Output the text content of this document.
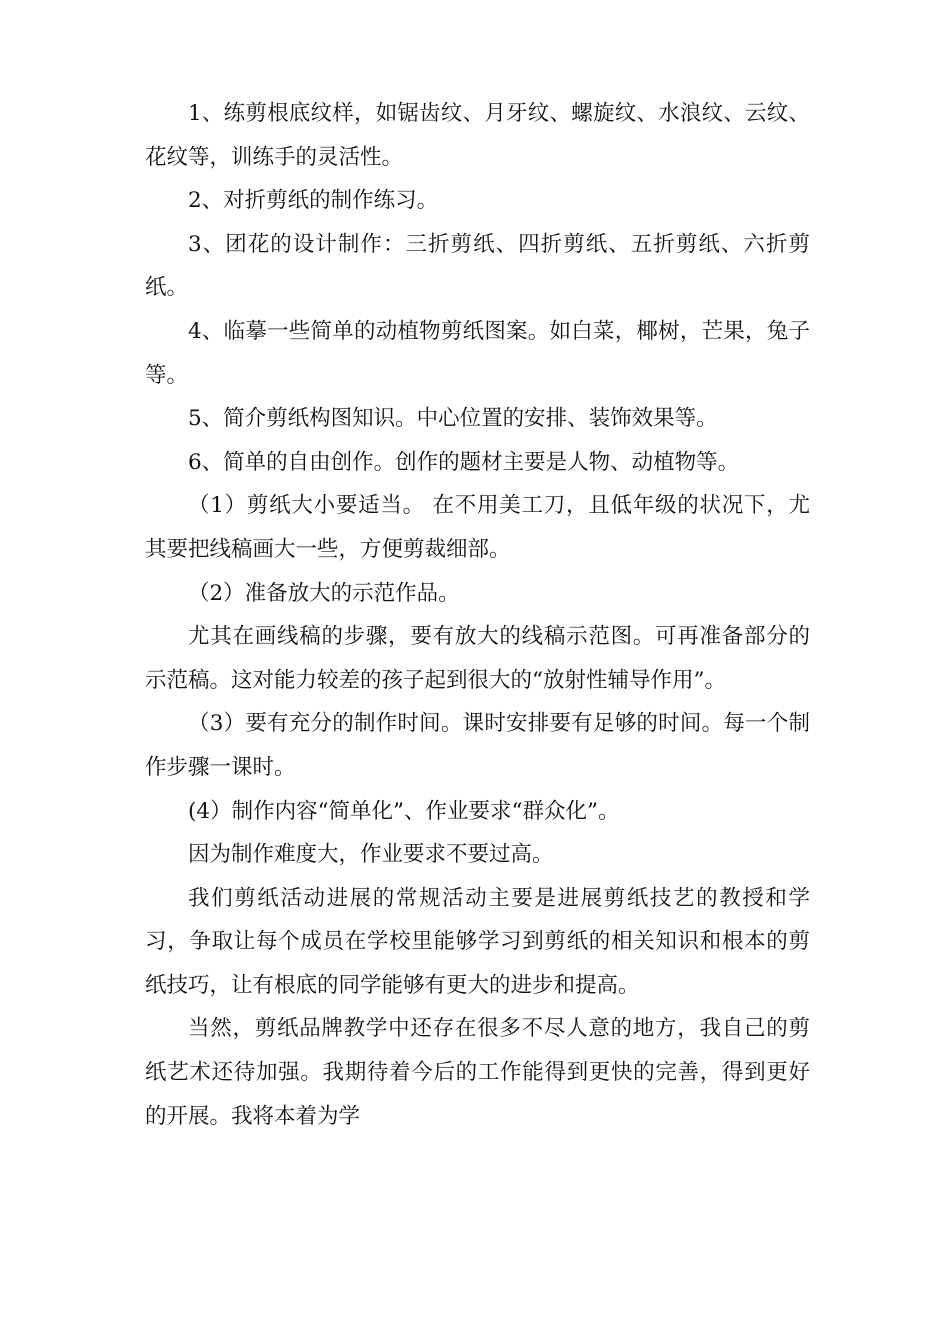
1、练剪根底纹样，如锯齿纹、月牙纹、螺旋纹、水浪纹、云纹、花纹等，训练手的灵活性。

2、对折剪纸的制作练习。

3、团花的设计制作：三折剪纸、四折剪纸、五折剪纸、六折剪纸。

4、临摹一些简单的动植物剪纸图案。如白菜，椰树，芒果，兔子等。

5、简介剪纸构图知识。中心位置的安排、装饰效果等。

6、简单的自由创作。创作的题材主要是人物、动植物等。

（1）剪纸大小要适当。 在不用美工刀，且低年级的状况下，尤其要把线稿画大一些，方便剪裁细部。

（2）准备放大的示范作品。

尤其在画线稿的步骤，要有放大的线稿示范图。可再准备部分的示范稿。这对能力较差的孩子起到很大的“放射性辅导作用”。

（3）要有充分的制作时间。课时安排要有足够的时间。每一个制作步骤一课时。

(4）制作内容“简单化”、作业要求“群众化”。

因为制作难度大，作业要求不要过高。

我们剪纸活动进展的常规活动主要是进展剪纸技艺的教授和学习，争取让每个成员在学校里能够学习到剪纸的相关知识和根本的剪纸技巧，让有根底的同学能够有更大的进步和提高。

当然，剪纸品牌教学中还存在很多不尽人意的地方，我自己的剪纸艺术还待加强。我期待着今后的工作能得到更快的完善，得到更好的开展。我将本着为学
